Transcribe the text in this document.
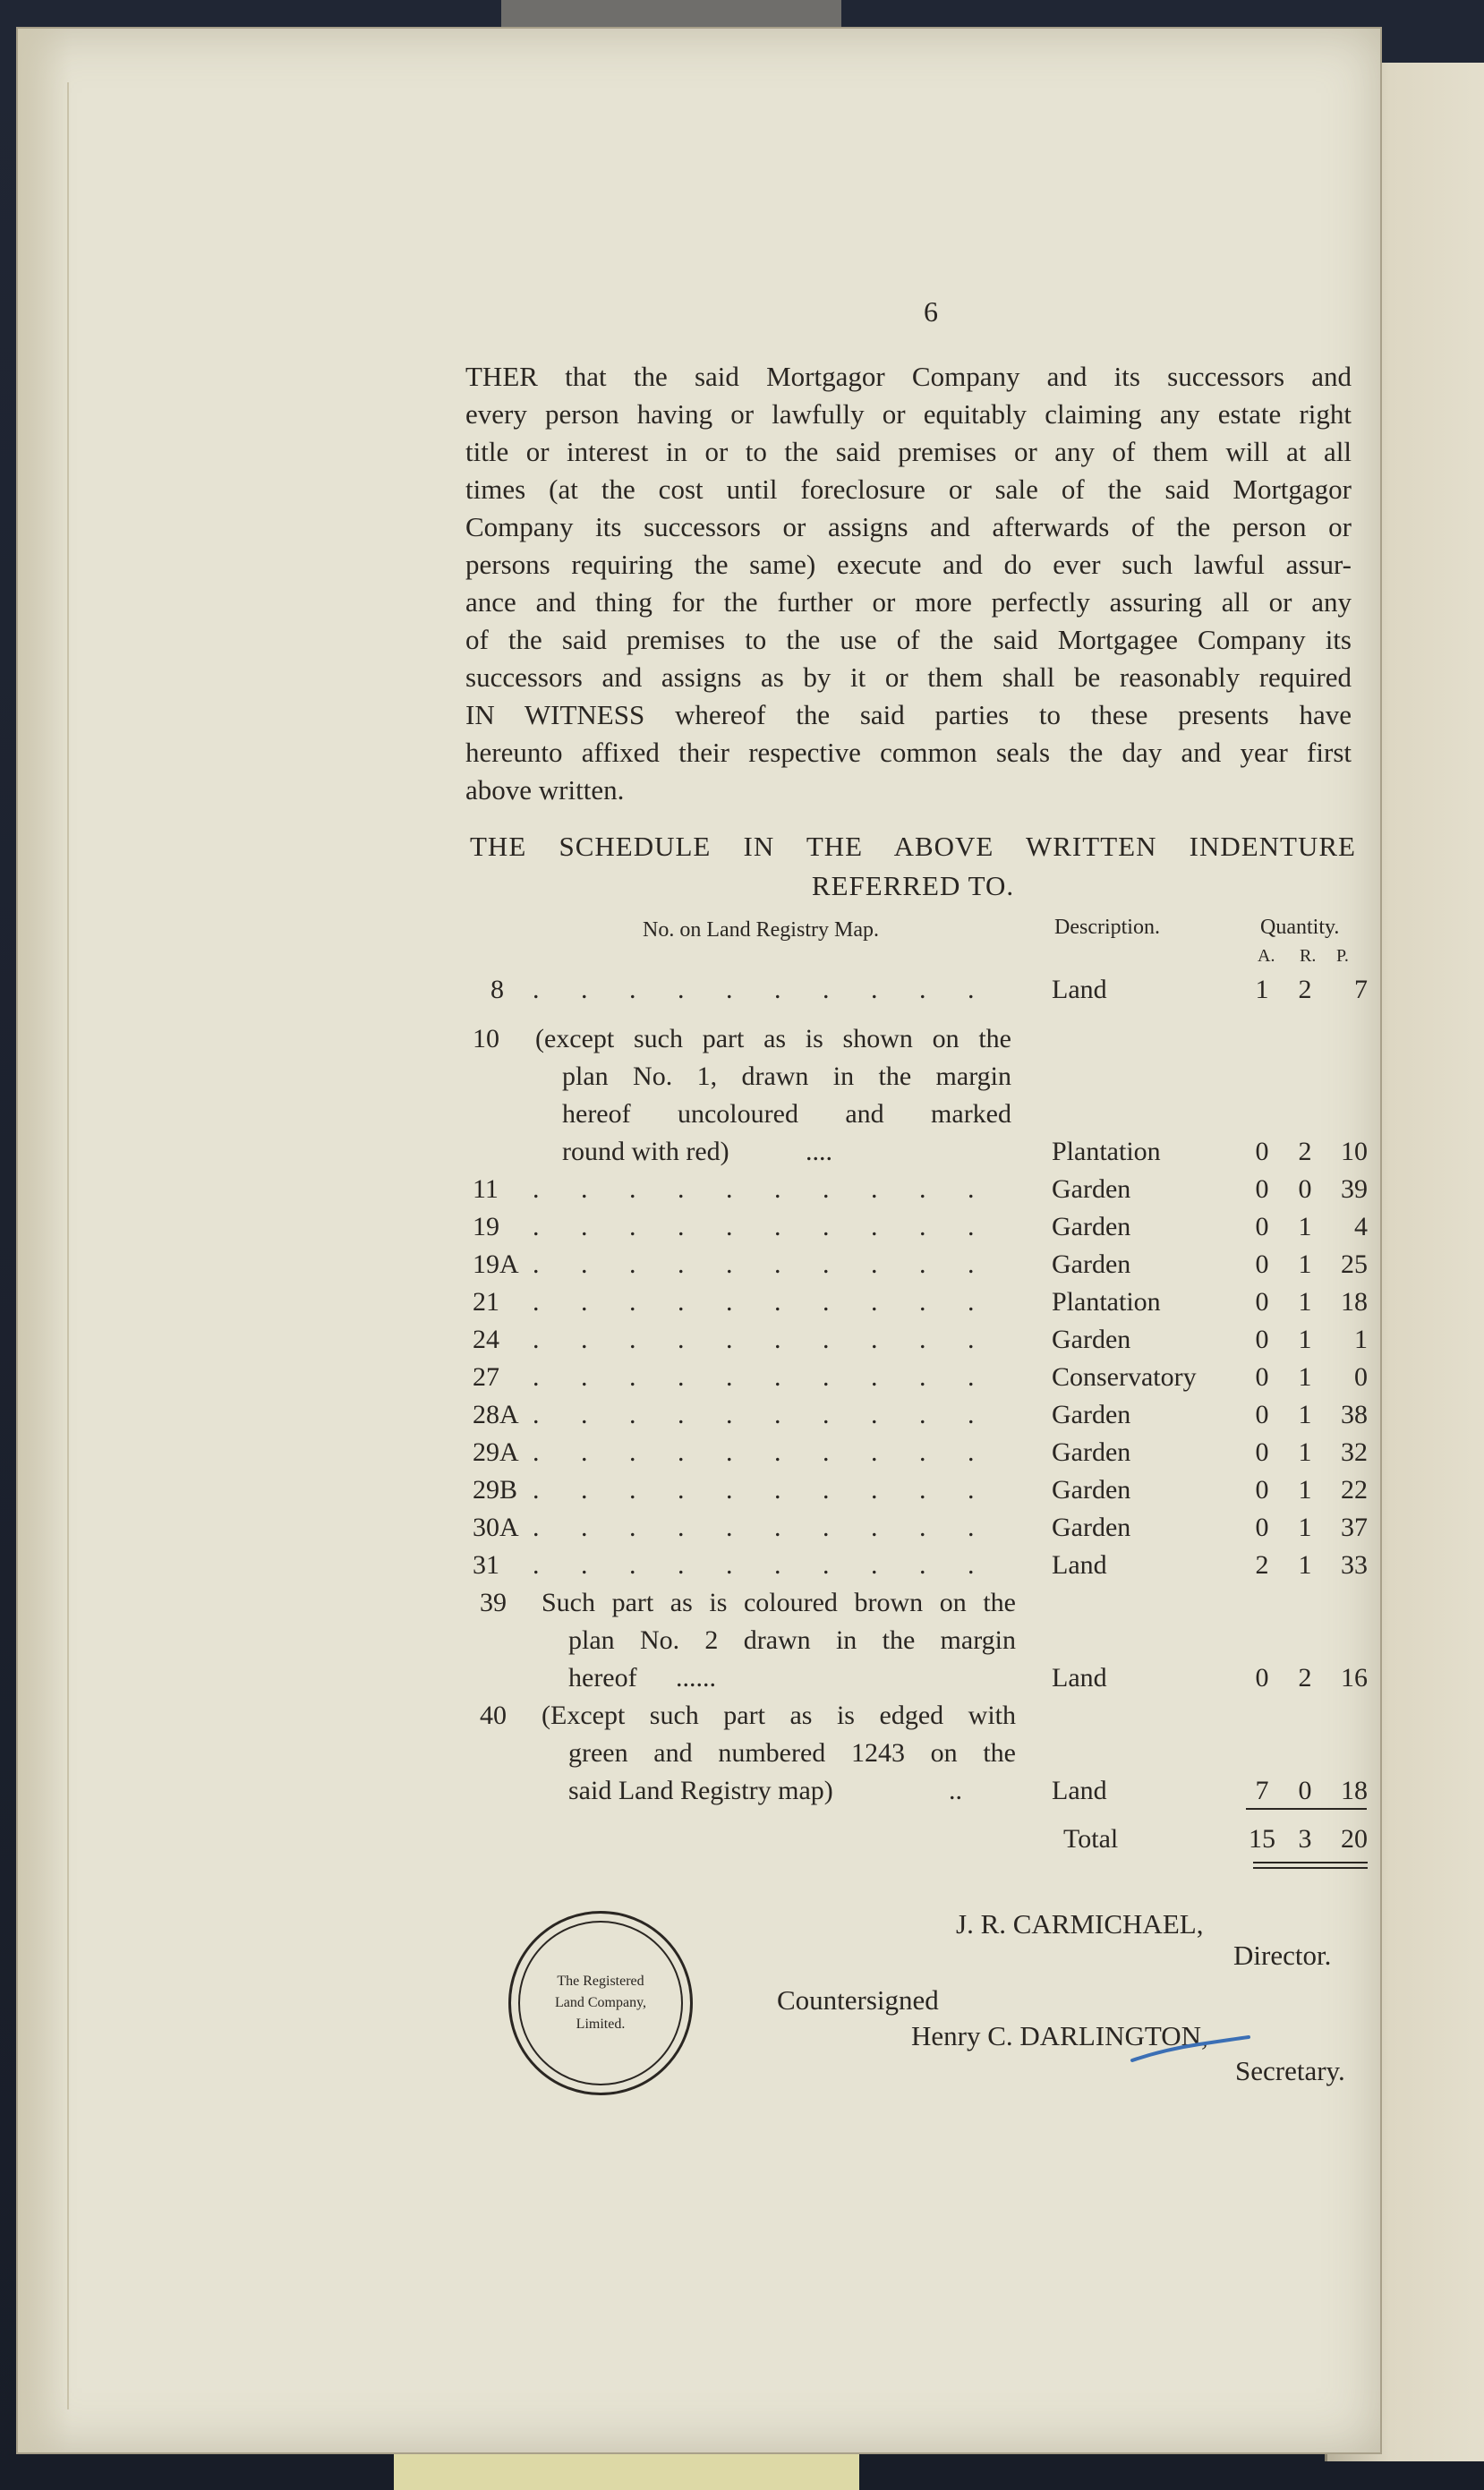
6

THER that the said Mortgagor Company and its successors and
every person having or lawfully or equitably claiming any estate right
title or interest in or to the said premises or any of them will at all
times (at the cost until foreclosure or sale of the said Mortgagor
Company its successors or assigns and afterwards of the person or
persons requiring the same) execute and do ever such lawful assur-
ance and thing for the further or more perfectly assuring all or any
of the said premises to the use of the said Mortgagee Company its
successors and assigns as by it or them shall be reasonably required
IN WITNESS whereof the said parties to these presents have
hereunto affixed their respective common seals the day and year first
above written.

THE SCHEDULE IN THE ABOVE WRITTEN INDENTURE
REFERRED TO.
No. on Land Registry Map.	Description.	Quantity.
A. R. P.
8	. . . . . . . . . .	Land	1	2	7
10	(except such part as is shown on the
plan No. 1, drawn in the margin
hereof uncoloured and marked
round with red)	....	Plantation	0	2	10
11	. . . . . . . . . .	Garden	0	0	39
19	. . . . . . . . . .	Garden	0	1	4
19A . . . . . . . . . .	Garden	0	1	25
21	. . . . . . . . . .	Plantation	0	1	18
24	. . . . . . . . . .	Garden	0	1	1
27	. . . . . . . . . .	Conservatory	0	1	0
28A . . . . . . . . . .	Garden	0	1	38
29A . . . . . . . . . .	Garden	0	1	32
29B . . . . . . . . . .	Garden	0	1	22
30A . . . . . . . . . .	Garden	0	1	37
31	. . . . . . . . . .	Land	2	1	33
39	Such part as is coloured brown on the
plan No. 2 drawn in the margin
hereof	......	Land	0	2	16
40	(Except such part as is edged with
green and numbered 1243 on the
said Land Registry map)	..	Land	7	0	18
Total	15 3	20
J. R. CARMICHAEL,
Director.
Countersigned
Henry C. DARLINGTON,
Secretary.
The Registered
Land Company,
Limited.
